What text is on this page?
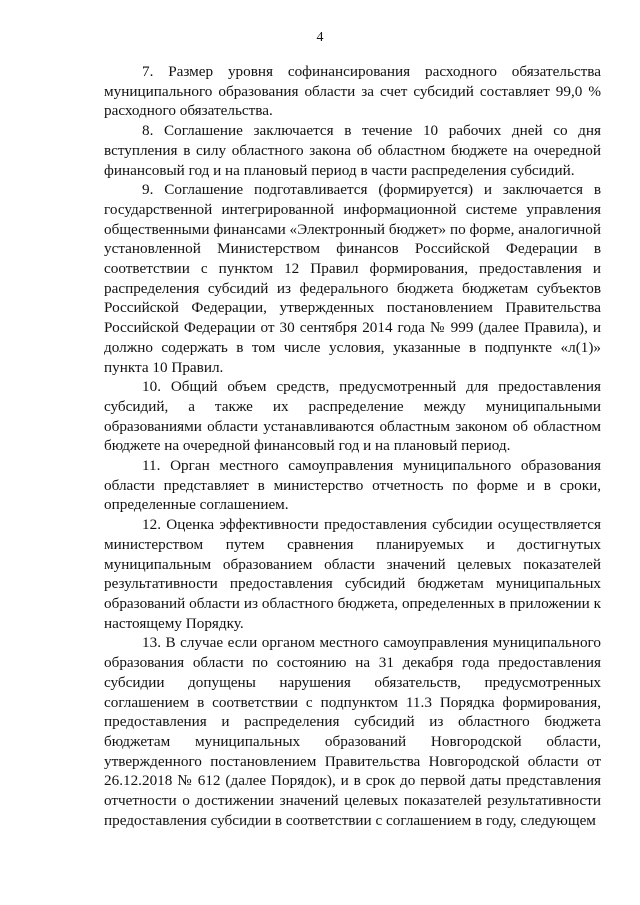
4

7. Размер уровня софинансирования расходного обязательства муниципального образования области за счет субсидий составляет 99,0 % расходного обязательства.

8. Соглашение заключается в течение 10 рабочих дней со дня вступления в силу областного закона об областном бюджете на очередной финансовый год и на плановый период в части распределения субсидий.

9. Соглашение подготавливается (формируется) и заключается в государственной интегрированной информационной системе управления общественными финансами «Электронный бюджет» по форме, аналогичной установленной Министерством финансов Российской Федерации в соответствии с пунктом 12 Правил формирования, предоставления и распределения субсидий из федерального бюджета бюджетам субъектов Российской Федерации, утвержденных постановлением Правительства Российской Федерации от 30 сентября 2014 года № 999 (далее Правила), и должно содержать в том числе условия, указанные в подпункте «л(1)» пункта 10 Правил.

10. Общий объем средств, предусмотренный для предоставления субсидий, а также их распределение между муниципальными образованиями области устанавливаются областным законом об областном бюджете на очередной финансовый год и на плановый период.

11. Орган местного самоуправления муниципального образования области представляет в министерство отчетность по форме и в сроки, определенные соглашением.

12. Оценка эффективности предоставления субсидии осуществляется министерством путем сравнения планируемых и достигнутых муниципальным образованием области значений целевых показателей результативности предоставления субсидий бюджетам муниципальных образований области из областного бюджета, определенных в приложении к настоящему Порядку.

13. В случае если органом местного самоуправления муниципального образования области по состоянию на 31 декабря года предоставления субсидии допущены нарушения обязательств, предусмотренных соглашением в соответствии с подпунктом 11.3 Порядка формирования, предоставления и распределения субсидий из областного бюджета бюджетам муниципальных образований Новгородской области, утвержденного постановлением Правительства Новгородской области от 26.12.2018 № 612 (далее Порядок), и в срок до первой даты представления отчетности о достижении значений целевых показателей результативности предоставления субсидии в соответствии с соглашением в году, следующем
